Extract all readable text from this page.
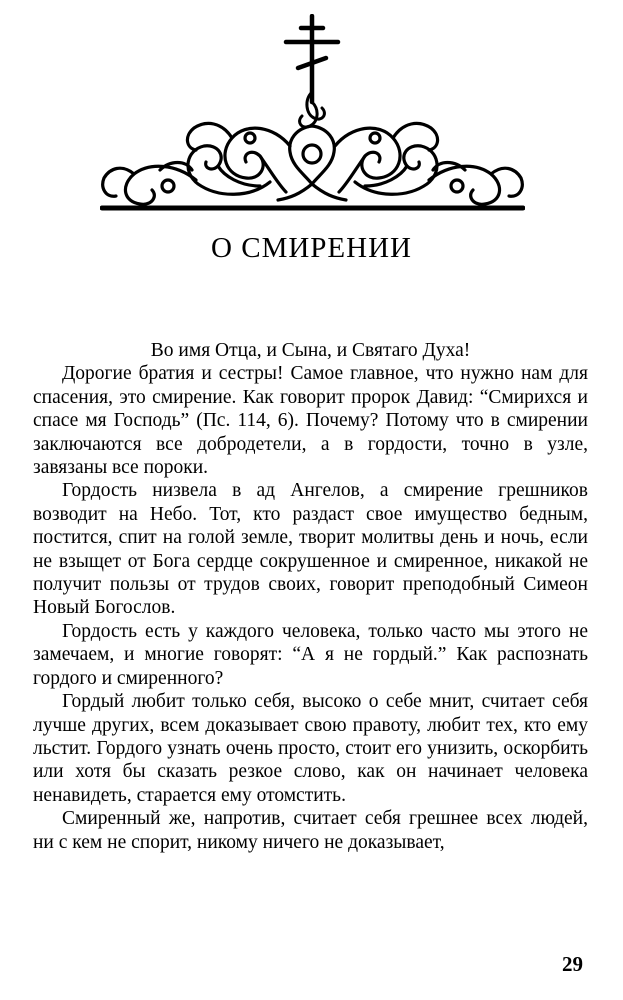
О СМИРЕНИИ

Во имя Отца, и Сына, и Святаго Духа!

Дорогие братия и сестры! Самое главное, что нужно нам для спасения, это смирение. Как говорит пророк Давид: “Смирихся и спасе мя Господь” (Пс. 114, 6). Почему? Потому что в смирении заключаются все добродетели, а в гордости, точно в узле, завязаны все пороки.

Гордость низвела в ад Ангелов, а смирение грешников возводит на Небо. Тот, кто раздаст свое имущество бедным, постится, спит на голой земле, творит молитвы день и ночь, если не взыщет от Бога сердце сокрушенное и смиренное, никакой не получит пользы от трудов своих, говорит преподобный Симеон Новый Богослов.

Гордость есть у каждого человека, только часто мы этого не замечаем, и многие говорят: “А я не гордый.” Как распознать гордого и смиренного?

Гордый любит только себя, высоко о себе мнит, считает себя лучше других, всем доказывает свою правоту, любит тех, кто ему льстит. Гордого узнать очень просто, стоит его унизить, оскорбить или хотя бы сказать резкое слово, как он начинает человека ненавидеть, старается ему отомстить.

Смиренный же, напротив, считает себя грешнее всех людей, ни с кем не спорит, никому ничего не доказывает,

29
